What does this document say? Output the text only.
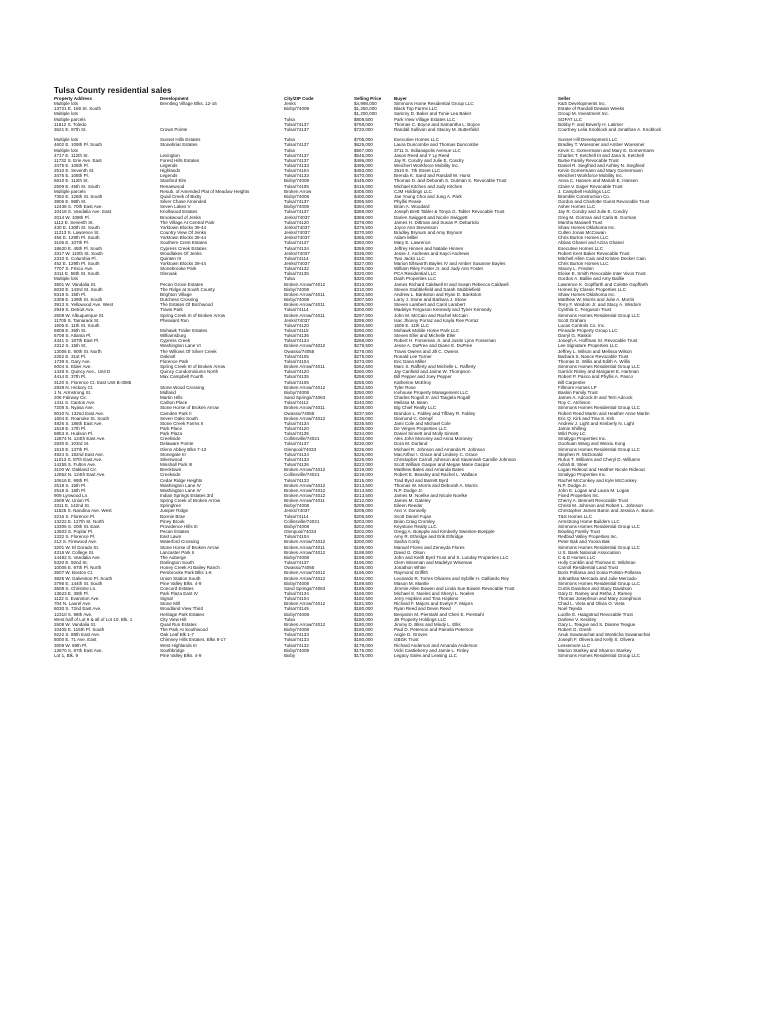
Tulsa County residential sales
Property Address	Development	City/ZIP Code	Selling Price	Buyer	Seller
Multiple lots	Brentling Village Blks. 12-16	Jenks	$4,998,000	Simmons Home Residential Group LLC	K&S Developments Inc.
13721 E. 169 St. South		Bixby/74008	$1,250,000	Black Top Farms LLC	Estate of Randall Dewain Weeks
Multiple lots			$1,200,000	Sammy D. Baker and Tonie Lea Baker	Group M. Investment Inc.
Multiple parcels		Tulsa	$808,500	Park View Village Estates LLC	SOFAT LLC
11612 S. Toledo		Tulsa/74137	$768,000	Thomas C. Boyce and Samantha L. Boyce	Bobby F. and Beverly H. Latimer
3621 E. 97th St.	Crown Pointe	Tulsa/74137	$720,000	Randall Sullivan and Stacey M. Butterfield	Courtney Lelia Knoblock and Jonathan A. Knoblock

Multiple lots	Sunset Hills Estates	Tulsa	$705,000	Executive Homes LLC	Sunset Hill Development LLC
4602 E. 109th Pl. South	Stonebriar Estates	Tulsa/74137	$625,000	Laura Duncombe and Thomas Duncombe	Bradley T. Woessner and Amber Woessner
Multiple lots		Tulsa	$567,000	3711 S. Indianapolis Avenue LLC	Kevin C. Gomermann and Mary E. Gomermann
4717 E. 112th St.	Lexington	Tulsa/74137	$545,000	Jason Reed and Y Ly Reed	Charles T. Ketchell III and Jana S. Ketchell
11732 S. Erie Ave. East	Forest Hills Estates	Tulsa/74137	$496,000	Jay R. Condry and Julie E. Condry	Burke Family Revocable Trust
3475 E. 108th Pl.	Legends	Tulsa/74133	$495,000	Weichert Workforce Mobility Inc.	Daniel R. Siegfried and Ashley N. Siegfried
2510 E. Seventh St.	Highlands	Tulsa/74104	$493,000	2510 E. 7th Street LLC	Kevin Gomermann and Mary Gomermann
3475 E. 108th Pl.	Legends	Tulsa/74133	$470,000	Brenda K. Sand and Randall W. Hurst	Weichert Workforce Mobility Inc.
6810 E. 112th St.	Stanford Elm	Bixby/74008	$446,000	Thomas D. and Deborah S. Gutman S. Revocable Trust	Anna C. Hansen and Mariah E. Hansen
2509 E. 45th St. South	Renaewood	Tulsa/74105	$415,000	Michael Kitchen and Judy Kitchen	Claire V. Eager Revocable Trust
Multiple parcels	Resub. of Amended Plat of Meadow Heights	Broken Arrow	$405,000	CJM Holdings LLC	J. Campbell Holdings LLC
7352 E. 126th St. South	Quail Creek of Bixby	Bixby/74008	$400,000	Jae Young Choi and Jung A. Park	Bramble Construction Co.
3806 E. 98th St.	Silver Chase Amended	Tulsa/74137	$395,500	Phyllis Pease	Gordon and Charlotte Guest Revocable Trust
12438 S. 70th East Ave.	Seven Lakes V	Bixby/74008	$394,000	Brian A. Woodard	Asher Homes LLC
10418 S. Vandalia Ave. East	Knollwood Estates	Tulsa/74137	$389,000	Joseph Brett Tabler & Tonya G. Tabler Revocable Trust	Jay R. Condry and Julie E. Condry
2014 W. 109th Pl.	Brookwood of Jenks	Jenks/74037	$388,000	Darien Swiggett and Nicole Swiggett	Greg M. Gorman and Carla B. Gorman
1113 E. Seventh St.	The Village At Central Park	Tulsa/74120	$378,000	James H. Dittman and Susan P. Debartolo	Marsha Maxwell Trust
430 E. 130th St. South	Yorktown Blocks 39-44	Jenks/74037	$376,500	Joyce Ann Stevenson	Shaw Homes Oklahoma Inc.
11213 S. Lawrence St.	Country View Of Jenks	Jenks/74037	$370,500	Bradley Brynum and Amy Brynum	Cullen Jonas McCowan
456 E. 129th Pl. South	Yorktown Blocks 39-44	Jenks/74037	$365,000	Adam Miller	Chris Burton Homes LLC
3106 E. 107th Pl.	Southern Crest Estates	Tulsa/74137	$360,000	Mary E. Lawrence	Abbas Ghanei and Aziza Ghanei
18620 E. 45th Pl. South	Cypress Creek Estates	Tulsa/74134	$359,000	Jeffrey Hinnen and Natalie Hinnen	Executive Homes LLC
3317 W. 110th St. South	Woodlakes Of Jenks	Jenks/74037	$336,000	Jesse J. Andrews and Kayci Andrews	Robert Kent Baker Revocable Trust
2310 S. Columbia Pl.	Quinten III	Tulsa/74114	$335,000	Two Jacks LLC	Mitchell Allen Cain and Kristen Decker Cain
452 E. 129th Pl. South	Yorktown Blocks 39-44	Jenks/74037	$327,000	Marion Ellsworth Bayles IV and Amber Susanne Bayles	Chris Burton Homes LLC
7707 S. Frisco Ave.	Stonebrooke Park	Tulsa/74132	$325,000	William Riley Foster Jr. and Judy Ann Foster	Stacey L. Frieden
3411 E. 58th St. South	Glenoak	Tulsa/74135	$320,000	PCA Residential LLC	Eloise E. Smith Revocable Inter Vivos Trust
Multiple lots		Tulsa	$320,000	Dash Properties LLC	Gordon A. Baillie and Amy Baillie
3801 W. Vandalia St.	Pecan Grove Estates	Broken Arrow/74012	$310,000	James Richard Caldwell III and Susan Rebecca Caldwell	Lawrence K. Gopffarth and Colette Gopffarth
6030 E. 143rd St. South	The Ridge at South County	Bixby/74008	$310,000	Steven Stubblefield and Sarah Stubblefield	Homes by Classic Properties LLC
8319 S. 15th Pl.	Brighton Village	Broken Arrow/74011	$302,500	Andrew L. Bankston and Ryan D. Bankston	Shaw Homes Oklahoma Inc.
2308 E. 139th St. South	Dutchess Crossing	Bixby/74008	$307,500	Larry J. Stone and Barbara J. Stone	Matthew W. Morris and Julie A. Morris
3913 S. Yellowood Ave. West	The Estates Of Birchwood	Broken Arrow/74011	$305,000	Steven Lambert and Carol Lambert	Terry F. Wisdom Jr. and Stacy A. Wisdom
2949 S. Detroit Ave.	Travis Park	Tulsa/74114	$300,000	Madelyn Ferguson Kennedy and Tyner Kennedy	Cynthia C. Ferguson Trust
2608 W. Albuquerque St.	Spring Creek III of Broken Arrow	Broken Arrow/74011	$297,500	John M. McCain and Rachel McCain	Simmons Homes Residential Group LLC
11705 S. Tamarack St.	Pheasant Run	Jenks/74037	$295,000	Isac Jhonny Porraz and Kayla Ree Porraz	Scott Graham
1605 E. 11th St. South		Tulsa/74120	$292,500	1605 E. 11th LLC	Lucas Controls Co. Inc.
5808 E. 36th St.	Mohawk Trailer Estates	Tulsa/74115	$290,000	Mohawk Mobile Home Park LLC	Pinnacle Property Group LLC
6708 S. Atlanta Pl.	Williamsburg	Tulsa/74136	$289,000	Steven Eller and Michelle Eller	Darryl G. Raskin
4341 S. 187th East Pl.	Cypress Creek	Tulsa/74134	$288,000	Robert H. Forseman Jr. and Justin Lynn Forseman	Joseph A. Hoffman Sr. Revocable Trust
2312 S. 15th St.	Washington Lane VI	Broken Arrow/74012	$279,500	Jesse A. DuPree and Diane E. DuPree	Lee Signature Properties LLC
13006 E. 90th St. North	The Willows Of Silver Creek	Owasso/74055	$278,000	Travis Owens and Jill C. Owens	Jeffrey L. Wilson and Melissa Wilson
2252 E. 31st Pl.	Oaknoll	Tulsa/74105	$275,000	Ronald Lee Turner	Barbara S. Nance Revocable Trust
1739 S. Gary Ave.	Florence Park	Tulsa/74104	$273,000	Eric Dana Miller	Thomas G. Willis and Edith A. Willis
6004 S. Elder Ave.	Spring Creek III of Broken Arrow	Broken Arrow/74011	$262,500	Marc S. Rafferty and Michelle L. Rafferty	Simmons Homes Residential Group LLC
1428 S. Quincy Ave., Unit D	Quincy Condominiums North	Tulsa/74120	$260,000	Jay Canfield and Jaime W. Thompson	Garrick Risley and Margaret E. Hartman
4414 E. 37th Pl.	Max Campbell Fourth	Tulsa/74135	$258,000	Bill Pepper and Joey Pepper	Robert P. Pasco and Phyllis A. Pasco
3120 S. Florence Ct. East Unit B-3085		Tulsa/74105	$255,000	Katherine McElroy	Bill Carpenter
2838 N. Hickory Ct.	Stone Wood Crossing	Broken Arrow/74012	$252,500	Tyler Rose	Fillmore Homes LP
1 N. Armstrong St.	Midland	Bixby/74008	$250,000	Icehouse Property Management LLC	Baskin Family Trust
206 Fairway Cir.	Martin Hills	Sand Springs/74063	$240,500	Charles Rogall Jr. and Tangela Rogall	James A. Adcock III and Terri Adcock
1411 S. Canton Ave.	Carlton Place	Tulsa/74112	$240,000	Melissa M. Bean	Roy C. Atchison
7208 S. Nyasa Ave.	Stone Horse of Broken Arrow	Broken Arrow/74011	$238,000	Big Chief Realty LLC	Simmons Homes Residential Group LLC
9010 N. 132nd East Ave.	Camden Park II	Owasso/74055	$237,500	Brandon L. Fabley and Tiffany R. Fabley	Robert Reed Martin and Heather Anne Martin
1604 E. Roanoke St. South	Seven Oaks South	Broken Arrow/74012	$236,000	Diamond C. Dempf	Eric Q. Kirk and Tina S. Kirk
4826 S. 186th East Ave.	Stone Creek Farms II	Tulsa/74134	$235,500	Jami Cole and Michael Cole	Andrew J. Light and Kimberly N. Light
1518 E. 17th Pl.	Park Place	Tulsa/74120	$235,000	De Verges Properties LLC	Jamie Shilling
5853 S. Hudson Pl.	Park Plaza	Tulsa/74135	$234,000	Daniel Sinnett and Molly Sinnett	Wild Pony LC
12874 N. 124th East Ave.	Creekside	Collinsville/74021	$233,000	Alex John Moroney and Anna Moroney	Smalygo Properties Inc.
2830 E. 103rd St.	Delaware Pointe	Tulsa/74137	$230,000	Dora M. Durland	Guohuan Wang and Weixiu Kong
1510 E. 137th Pl.	Glenn Abbey Blks 7-13	Glenpool/74033	$226,000	Michael R. Johnson and Amanda R. Johnson	Simmons Homes Residential Group LLC
4824 S. 182nd East Ave.	Stonegate III	Tulsa/74134	$225,000	MacArthur I. Grace and Lindsey C. Grace	Stephen R. McDonald
11013 S. 87th East Ave.	Silverwood	Tulsa/74133	$225,000	Christopher Carroll Johnson and Savannah Camille Johnson	Rufus T. Williams and Cheryl D. Williams
14255 S. Fulton Ave.	Minshall Park III	Tulsa/74136	$222,000	Scott William Gaspar and Megan Marie Gaspar	Adrah B. Steer
3100 W. Oakland Cir.	Brecktown	Broken Arrow/74012	$219,000	Matthew Bates and Amanda Bates	Logan Rideout and Heather Nicole Rideout
12862 N. 124th East Ave.	Creekside	Collinsville/74021	$219,000	Robert E. Beasley and Rachel L. Wallace	Smalygo Properties Inc.
10616 E. 99th Pl.	Cedar Ridge Heights	Tulsa/74133	$215,000	Trad Byrd and Barrett Byrd	Rachel McConkey and Kyle McConkey
2518 S. 15th Pl.	Washington Lane IV	Broken Arrow/74012	$213,500	Thomas W. Morris and Deborah A. Morris	N.P. Dodge Jr.
2518 S. 15th Pl.	Washington Lane IV	Broken Arrow/74012	$213,500	N.P. Dodge Jr.	John E. Logan and Laura M. Logan
909 Lynwood Ln.	Indian Springs Estates 3rd	Broken Arrow/74012	$213,500	James M. Noelke and Nicole Noelke	Fixed Properties Inc.
2609 W. Union Pl.	Spring Creek of Broken Arrow	Broken Arrow/74011	$212,000	James M. Gateley	Cherry A. Bennett Revocable Trust
3311 E. 142nd St.	Springtree	Bixby/74008	$209,000	Eileen Reeder	Christi M. Johnson and Robert L. Johnson
11525 S. Nandina Ave. West	Juniper Ridge	Jenks/74037	$208,000	Ann V. Donnelly	Christopher James Baron and Jessica A. Baron
2216 S. Florence Pl.	Bonnie Brae	Tulsa/74114	$205,500	Scott Daniel Fujan	T&S Homes LLC
13222 E. 127th St. North	Piney Brook	Collinsville/74021	$203,000	Brian Craig Cromley	Armstrong Home Builders LLC
13306 S. 20th St. East	Providence Hills III	Bixby/74008	$202,000	Keystone Realty LLC	Simmons Homes Residential Group LLC
13503 S. Poplar Pl.	Pecan Estates	Glenpool/74033	$202,000	Gregg A. Boepple and Kimberly Swesten-Boepple	Bowling Family Trust
1332 S. Florence Pl.	East Lawn	Tulsa/74104	$200,000	Amy R. Ethridge and Erik Ethridge	Redbud Valley Properties Inc.
212 S. Firewood Ave.	Waterford Crossing	Broken Arrow/74012	$200,000	Sasha Conly	Peter Bak and Yoona Bak
3201 W. El Dorado St.	Stone Horse of Broken Arrow	Broken Arrow/74011	$199,000	Manuel Flores and Zeneyda Flores	Simmons Homes Residential Group LLC
4316 W. College St.	Lancaster Park II	Broken Arrow/74012	$198,500	David G. Olson	U.S. Bank National Association
14482 S. Vandalia Ave.	The Auberge	Bixby/74008	$198,000	John and Keith Byrd Trust and S. Lunday Properties LLC	C & D Homes LLC
5320 E. 92nd St.	Darlington South	Tulsa/74137	$196,000	Clem Wiseman and Madelyn Wiseman	Holly Conklin and Thomas E. Wildman
10006 E. 97th Pl. North	Honey Creek At Bailey Ranch	Owasso/74055	$195,000	Jonathon White	Carroll Residential Land Trust
3607 W. Boston Ct.	Pembrooke Park Blks 1-6	Broken Arrow/74012	$195,000	Raymond Griffith	Boris Pollarsa and Sonia Potisto-Pollarsa
3826 W. Galveston Pl. South	Union Station South	Broken Arrow/74012	$192,000	Leonardo R. Torres Olivares and Sybille H. Galliardo Rey	Johnathan Mercado and Julie Mercado
3796 E. 144th St. South	Pine Valley Blks. 4-9	Bixby/74008	$189,500	Mason M. Mantle	Simmons Homes Residential Group LLC
3608 S. Christine Ln.	Concord Estates	Sand Springs/74063	$185,000	Jimmie Allen Bowen and Linda Sue Bowen Revocable Trust	Curtis Davidson and Stacy Davidson
13623 E. 39th Pl.	Park Plaza East IV	Tulsa/74134	$186,000	Michael S. Noeles and Sheryl L. Noeles	Gary D. Ramey and Retha J. Ramey
1122 S. Evanston Ave.	Signal	Tulsa/74104	$182,500	Jerry Hopkins and Tina Hopkins	Thomas Josephson and Mary Josephson
704 N. Laurel Ave.	Stone Mill	Broken Arrow/74012	$181,500	Richard F. Majors and Evelyn F. Majors	Chad L. Vieta and Olivia O. Vieta
6030 S. 72nd East Ave.	Woodland View Third	Tulsa/74145	$180,000	Ryan Reed and Devin Reed	Noel Tejeda
12310 S. 98th Ave.	Heritage Park Estates	Bixby/74008	$180,000	Benjamin M. Pierstahl and Cheri E. Pierstahl	Lucille E. Haagstrud Revocable Trust
West half of Lot 9 & all of Lot 10, Blk. 1	City View Hill	Tulsa	$180,000	JB Property Holdings LLC	Darlene V. Keckley
2608 W. Vandalia St.	Quail Run Estates	Broken Arrow/74012	$180,000	Jimmy D. Bliss and Mindy L. Ellis	Gary L. Teague and S. Dianne Teague
10405 E. 115th Pl. South	The Park At Southwood	Bixby/74008	$180,000	Paul D. Peterson and Pamela Peterson	Robert G. Gresh
9222 S. 88th East Ave.	Oak Leaf Blk 1-7	Tulsa/74133	$180,000	Angie D. Groves	Anuk Suwanachat and Wonticha Suwanachat
8000 E. 71 Ave. East	Chimney Hills Estates, Blks 8-17	Tulsa/74133	$180,000	GBGK Trust	Joseph F. Olivera and Kelly S. Olivera
3009 W. 69th Pl.	West Highlands III	Tulsa/74132	$178,000	Richard Anderson and Amanda Anderson	Lessemore LLC
13670 S. 87th East Ave.	Southbridge	Bixby/74008	$175,000	Vicki Castleberry and Jamie L. Finley	Marion Starkey and Sharron Starkey
Lot 1, Blk. 9	Pine Valley Blks. 4-9	Bixby	$175,000	Legacy Sales and Leasing LLC	Simmons Homes Residential Group LLC
